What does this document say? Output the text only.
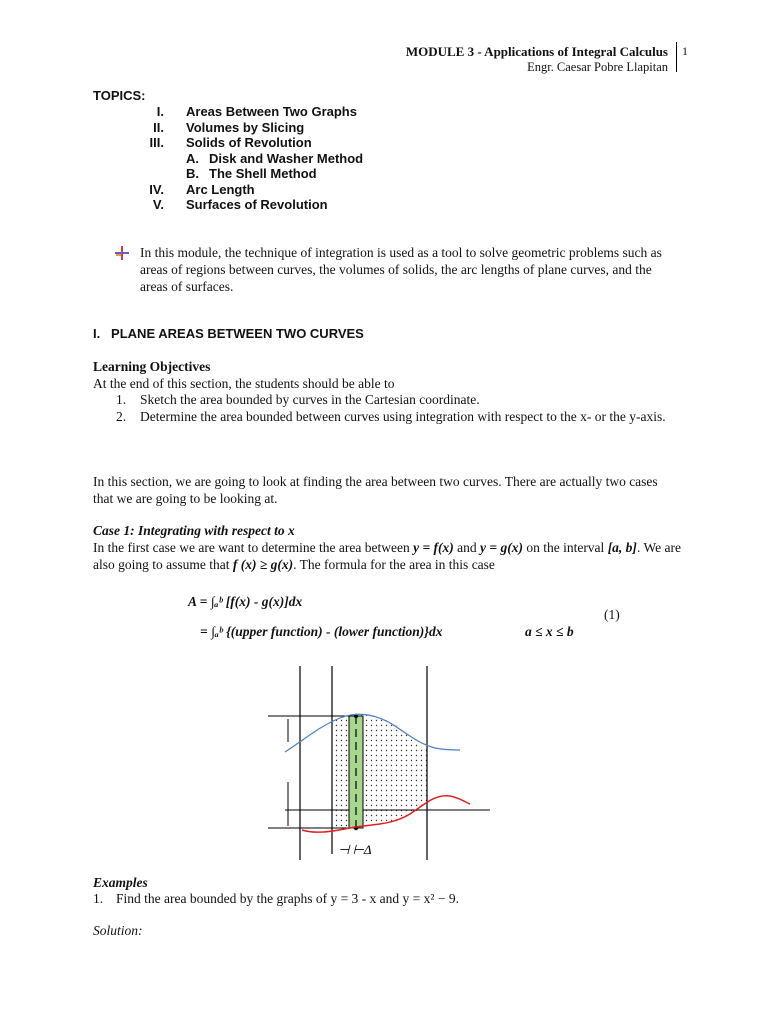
MODULE 3 - Applications of Integral Calculus
Engr. Caesar Pobre Llapitan
1
TOPICS:
I. Areas Between Two Graphs
II. Volumes by Slicing
III. Solids of Revolution
A. Disk and Washer Method
B. The Shell Method
IV. Arc Length
V. Surfaces of Revolution

In this module, the technique of integration is used as a tool to solve geometric problems such as areas of regions between curves, the volumes of solids, the arc lengths of plane curves, and the areas of surfaces.

I.   PLANE AREAS BETWEEN TWO CURVES
Learning Objectives
At the end of this section, the students should be able to
1. Sketch the area bounded by curves in the Cartesian coordinate.
2. Determine the area bounded between curves using integration with respect to the x- or the y-axis.

In this section, we are going to look at finding the area between two curves. There are actually two cases that we are going to be looking at.

Case 1: Integrating with respect to x

In the first case we are want to determine the area between y = f(x) and y = g(x) on the interval [a, b]. We are also going to assume that f (x) ≥ g(x). The formula for the area in this case

A = ∫ₐᵇ [f(x) - g(x)]dx
= ∫ₐᵇ {(upper function) - (lower function)}dx	a ≤ x ≤ b
(1)
⊣ ⊢Δ
Examples
1. Find the area bounded by the graphs of y = 3 - x and y = x² − 9.
Solution:
